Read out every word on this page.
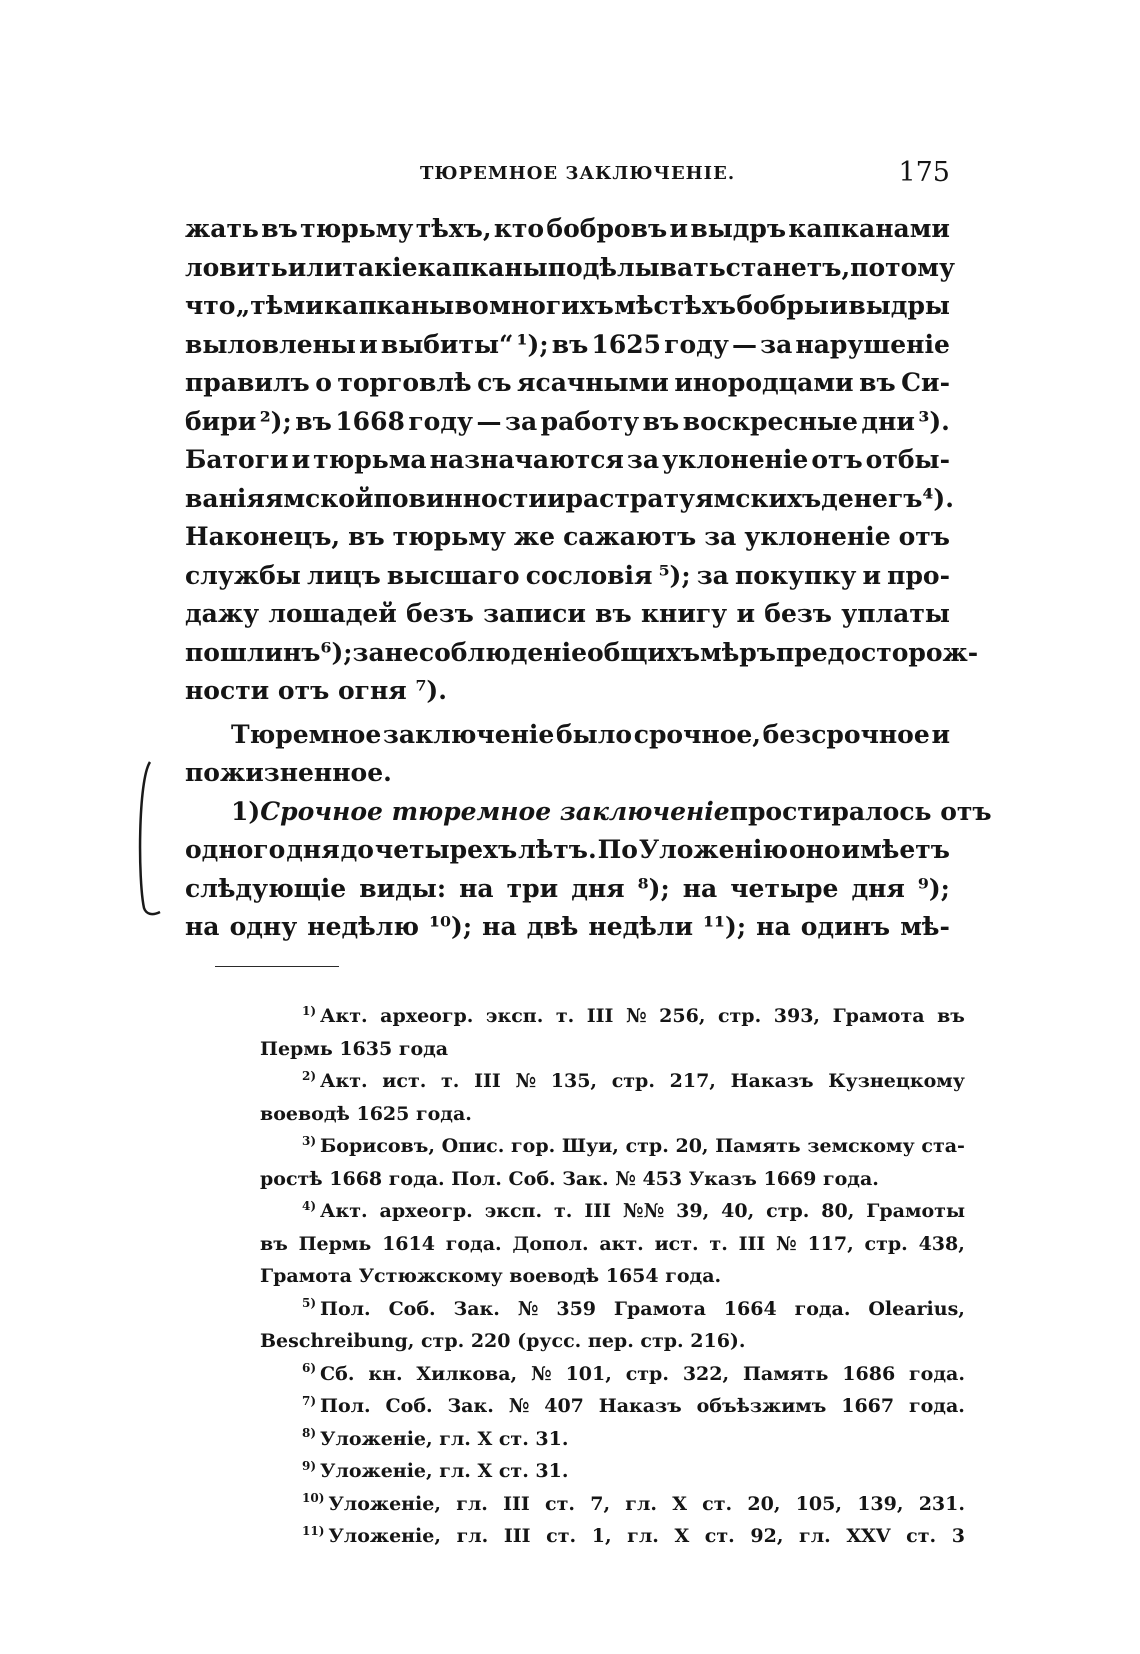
ТЮРЕМНОЕ ЗАКЛЮЧЕНІЕ.	175
жать въ тюрьму тѣхъ, кто бобровъ и выдръ капканами
ловить или такіе капканы подѣлывать станетъ, потому
что „тѣми капканы во многихъ мѣстѣхъ бобры и выдры
выловлены и выбиты“ ¹); въ 1625 году — за нарушеніе
правилъ о торговлѣ съ ясачными инородцами въ Си-
бири ²); въ 1668 году — за работу въ воскресные дни ³).
Батоги и тюрьма назначаются за уклоненіе отъ отбы-
ванія ямской повинности и растрату ямскихъ денегъ ⁴).
Наконецъ, въ тюрьму же сажаютъ за уклоненіе отъ
службы лицъ высшаго сословія ⁵); за покупку и про-
дажу лошадей безъ записи въ книгу и безъ уплаты
пошлинъ ⁶); за несоблюденіе общихъ мѣръ предосторож-
ности отъ огня ⁷).
Тюремное заключеніе было срочное, безсрочное и
пожизненное.
1) Срочное тюремное заключеніе простиралось отъ
одного дня до четырехъ лѣтъ. По Уложенію оно имѣетъ
слѣдующіе виды: на три дня ⁸); на четыре дня ⁹);
на одну недѣлю ¹⁰); на двѣ недѣли ¹¹); на одинъ мѣ-
$^{1)}$ Акт. археогр. эксп. т. III № 256, стр. 393, Грамота въ
Пермь 1635 года
$^{2)}$ Акт. ист. т. III № 135, стр. 217, Наказъ Кузнецкому
воеводѣ 1625 года.
$^{3)}$ Борисовъ, Опис. гор. Шуи, стр. 20, Память земскому ста-
ростѣ 1668 года. Пол. Соб. Зак. № 453 Указъ 1669 года.
$^{4)}$ Акт. археогр. эксп. т. III №№ 39, 40, стр. 80, Грамоты
въ Пермь 1614 года. Допол. акт. ист. т. III № 117, стр. 438,
Грамота Устюжскому воеводѣ 1654 года.
$^{5)}$ Пол. Соб. Зак. № 359 Грамота 1664 года. Olearius,
Beschreibung, стр. 220 (русс. пер. стр. 216).
$^{6)}$ Сб. кн. Хилкова, № 101, стр. 322, Память 1686 года.
$^{7)}$ Пол. Соб. Зак. № 407 Наказъ объѣзжимъ 1667 года.
$^{8)}$ Уложеніе, гл. X ст. 31.
$^{9)}$ Уложеніе, гл. X ст. 31.
$^{10)}$ Уложеніе, гл. III ст. 7, гл. X ст. 20, 105, 139, 231.
$^{11)}$ Уложеніе, гл. III ст. 1, гл. X ст. 92, гл. XXV ст. 3
